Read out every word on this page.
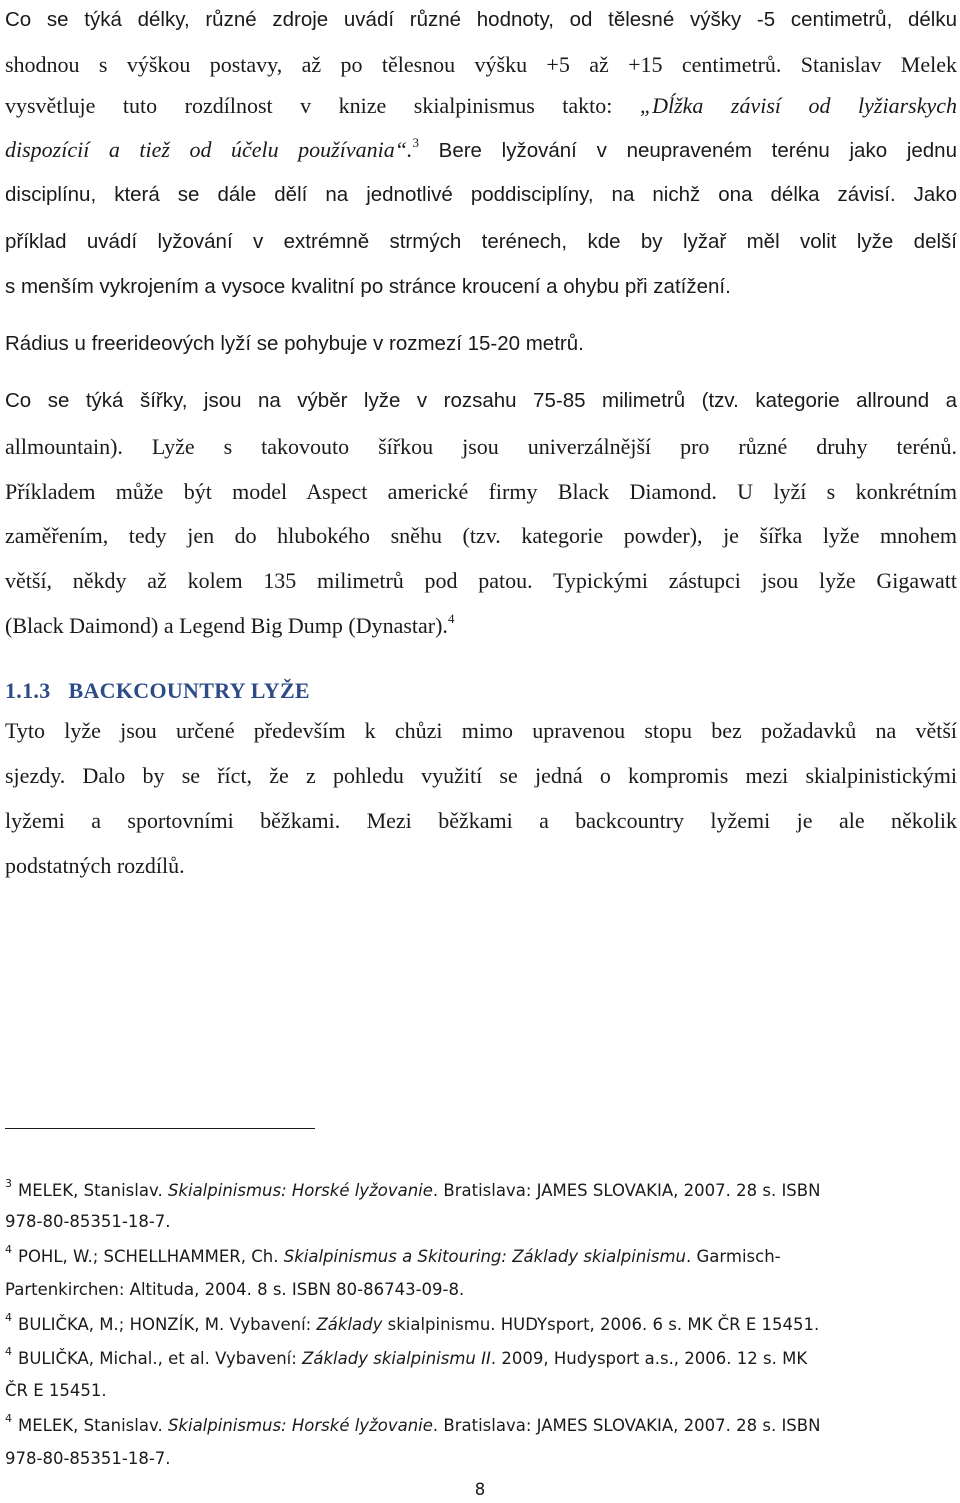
Co se týká délky, různé zdroje uvádí různé hodnoty, od tělesné výšky -5 centimetrů, délku
shodnou s výškou postavy, až po tělesnou výšku +5 až +15 centimetrů. Stanislav Melek
vysvětluje tuto rozdílnost v knize skialpinismus takto: „Dĺžka závisí od lyžiarskych
dispozícií a tiež od účelu používania“.$^3$ Bere lyžování v neupraveném terénu jako jednu
disciplínu, která se dále dělí na jednotlivé poddisciplíny, na nichž ona délka závisí. Jako
příklad uvádí lyžování v extrémně strmých terénech, kde by lyžař měl volit lyže delší
s menším vykrojením a vysoce kvalitní po stránce kroucení a ohybu při zatížení.
Rádius u freerideových lyží se pohybuje v rozmezí 15-20 metrů.
Co se týká šířky, jsou na výběr lyže v rozsahu 75-85 milimetrů (tzv. kategorie allround a
allmountain). Lyže s takovouto šířkou jsou univerzálnější pro různé druhy terénů.
Příkladem může být model Aspect americké firmy Black Diamond. U lyží s konkrétním
zaměřením, tedy jen do hlubokého sněhu (tzv. kategorie powder), je šířka lyže mnohem
větší, někdy až kolem 135 milimetrů pod patou. Typickými zástupci jsou lyže Gigawatt
(Black Daimond) a Legend Big Dump (Dynastar).$^4$
1.1.3 BACKCOUNTRY LYŽE
Tyto lyže jsou určené především k chůzi mimo upravenou stopu bez požadavků na větší
sjezdy. Dalo by se říct, že z pohledu využití se jedná o kompromis mezi skialpinistickými
lyžemi a sportovními běžkami. Mezi běžkami a backcountry lyžemi je ale několik
podstatných rozdílů.
$^3$ MELEK, Stanislav. Skialpinismus: Horské lyžovanie. Bratislava: JAMES SLOVAKIA, 2007. 28 s. ISBN
978-80-85351-18-7.
$^4$ POHL, W.; SCHELLHAMMER, Ch. Skialpinismus a Skitouring: Základy skialpinismu. Garmisch-
Partenkirchen: Altituda, 2004. 8 s. ISBN 80-86743-09-8.
$^4$ BULIČKA, M.; HONZÍK, M. Vybavení: Základy skialpinismu. HUDYsport, 2006. 6 s. MK ČR E 15451.
$^4$ BULIČKA, Michal., et al. Vybavení: Základy skialpinismu II. 2009, Hudysport a.s., 2006. 12 s. MK
ČR E 15451.
$^4$ MELEK, Stanislav. Skialpinismus: Horské lyžovanie. Bratislava: JAMES SLOVAKIA, 2007. 28 s. ISBN
978-80-85351-18-7.
8
